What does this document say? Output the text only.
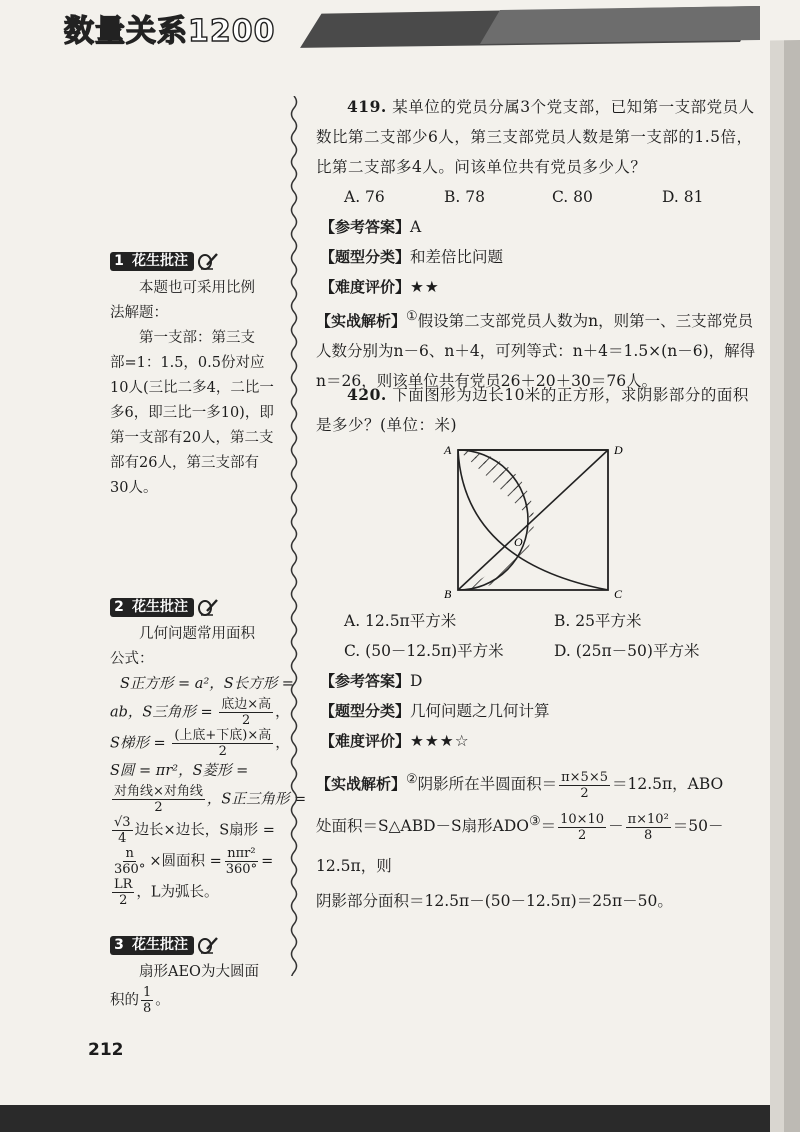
数量关系1200
1 花生批注

本题也可采用比例

法解题：

第一支部：第三支

部=1：1.5，0.5份对应

10人(三比二多4，二比一

多6，即三比一多10)，即

第一支部有20人，第二支

部有26人，第三支部有

30人。

2 花生批注

几何问题常用面积

公式：

S正方形 = a²，S长方形 =

ab，S三角形 = $\frac{\text{底边×高}}{2}$ ，

S梯形 = $\frac{\text{(上底+下底)×高}}{2}$ ，

S圆 = πr²，S菱形 =

$\frac{\text{对角线×对角线}}{2}$ ，S正三角形 =

$\frac{√3}{4}$ 边长×边长，S扇形 =

$\frac{n}{360^\circ}$ ×圆面积 = $\frac{\text{nπr²}}{360^\circ}$ =

$\frac{LR}{2}$ ，L为弧长。

3 花生批注

扇形AEO为大圆面

积的 $\frac{1}{8}$ 。

212

419. 某单位的党员分属3个党支部，已知第一支部党员人数比第二支部少6人，第三支部党员人数是第一支部的1.5倍，比第二支部多4人。问该单位共有党员多少人？

A. 76	B. 78	C. 80	D. 81

【参考答案】A

【题型分类】和差倍比问题

【难度评价】★★

【实战解析】①假设第二支部党员人数为n，则第一、三支部党员人数分别为n－6、n＋4，可列等式：n＋4＝1.5×(n－6)，解得n＝26，则该单位共有党员26＋20＋30＝76人。

420. 下面图形为边长10米的正方形，求阴影部分的面积是多少？(单位：米)

A	D
B	C
O
A. 12.5π平方米	B. 25平方米
C. (50－12.5π)平方米	D. (25π－50)平方米

【参考答案】D

【题型分类】几何问题之几何计算

【难度评价】★★★☆

【实战解析】②阴影所在半圆面积＝ $\frac{\pi\times 5\times 5}{2} =12.5\pi$，ABO

处面积＝S△ABD－S扇形$ADO^③= \frac{10\times 10}{2} - \frac{\text{π×10²}}{8} =50-12.5\pi$，则

阴影部分面积＝12.5π－(50－12.5π)＝25π－50。
